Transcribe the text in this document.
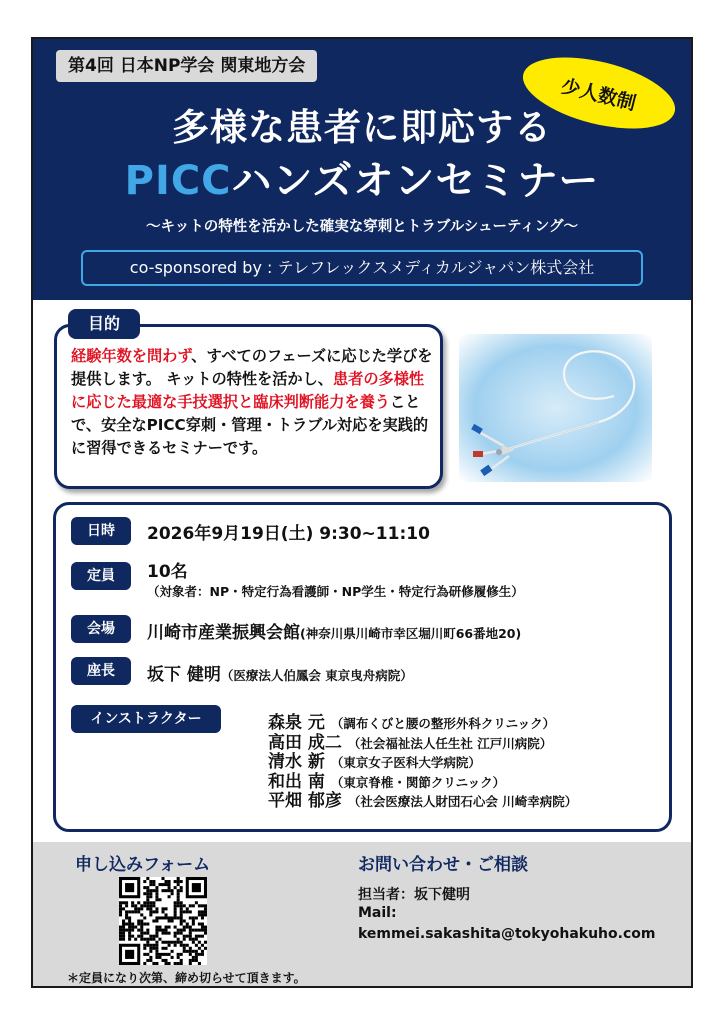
第4回 日本NP学会 関東地方会
少人数制
多様な患者に即応する
PICCハンズオンセミナー
〜キットの特性を活かした確実な穿刺とトラブルシューティング〜
co-sponsored by : テレフレックスメディカルジャパン株式会社
目的
経験年数を問わず、すべてのフェーズに応じた学びを提供します。 キットの特性を活かし、患者の多様性に応じた最適な手技選択と臨床判断能力を養うことで、安全なPICC穿刺・管理・トラブル対応を実践的に習得できるセミナーです。
日時	2026年9月19日(土) 9:30~11:10
定員	10名
（対象者：NP・特定行為看護師・NP学生・特定行為研修履修生）
会場	川崎市産業振興会館(神奈川県川崎市幸区堀川町66番地20)
座長	坂下 健明（医療法人伯鳳会 東京曳舟病院）
インストラクター	森泉 元 （調布くびと腰の整形外科クリニック）
高田 成二 （社会福祉法人任生社 江戸川病院）
清水 新 （東京女子医科大学病院）
和出 南 （東京脊椎・関節クリニック）
平畑 郁彦 （社会医療法人財団石心会 川崎幸病院）
申し込みフォーム
＊定員になり次第、締め切らせて頂きます。
お問い合わせ・ご相談
担当者：坂下健明
Mail:
kemmei.sakashita@tokyohakuho.com
